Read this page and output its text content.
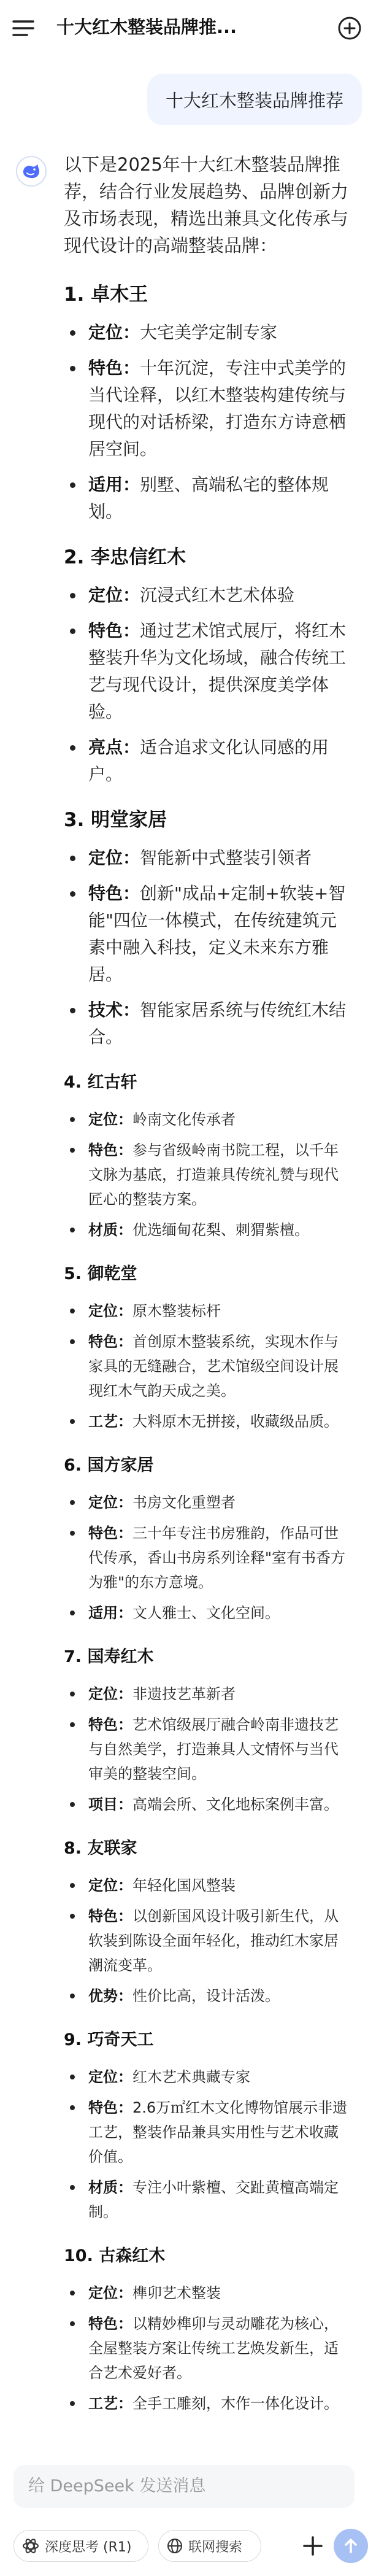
十大红木整装品牌推...
十大红木整装品牌推荐

以下是2025年十大红木整装品牌推荐，结合行业发展趋势、品牌创新力及市场表现，精选出兼具文化传承与现代设计的高端整装品牌：

1. 卓木王
定位：大宅美学定制专家
特色：十年沉淀，专注中式美学的当代诠释，以红木整装构建传统与现代的对话桥梁，打造东方诗意栖居空间。
适用：别墅、高端私宅的整体规划。
2. 李忠信红木
定位：沉浸式红木艺术体验
特色：通过艺术馆式展厅，将红木整装升华为文化场域，融合传统工艺与现代设计，提供深度美学体验。
亮点：适合追求文化认同感的用户。
3. 明堂家居
定位：智能新中式整装引领者
特色：创新"成品+定制+软装+智能"四位一体模式，在传统建筑元素中融入科技，定义未来东方雅居。
技术：智能家居系统与传统红木结合。
4. 红古轩
定位：岭南文化传承者
特色：参与省级岭南书院工程，以千年文脉为基底，打造兼具传统礼赞与现代匠心的整装方案。
材质：优选缅甸花梨、刺猬紫檀。
5. 御乾堂
定位：原木整装标杆
特色：首创原木整装系统，实现木作与家具的无缝融合，艺术馆级空间设计展现红木气韵天成之美。
工艺：大料原木无拼接，收藏级品质。
6. 国方家居
定位：书房文化重塑者
特色：三十年专注书房雅韵，作品可世代传承，香山书房系列诠释"室有书香方为雅"的东方意境。
适用：文人雅士、文化空间。
7. 国寿红木
定位：非遗技艺革新者
特色：艺术馆级展厅融合岭南非遗技艺与自然美学，打造兼具人文情怀与当代审美的整装空间。
项目：高端会所、文化地标案例丰富。
8. 友联家
定位：年轻化国风整装
特色：以创新国风设计吸引新生代，从软装到陈设全面年轻化，推动红木家居潮流变革。
优势：性价比高，设计活泼。
9. 巧奇天工
定位：红木艺术典藏专家
特色：2.6万㎡红木文化博物馆展示非遗工艺，整装作品兼具实用性与艺术收藏价值。
材质：专注小叶紫檀、交趾黄檀高端定制。
10. 古森红木
定位：榫卯艺术整装
特色：以精妙榫卯与灵动雕花为核心，全屋整装方案让传统工艺焕发新生，适合艺术爱好者。
工艺：全手工雕刻，木作一体化设计。
给 DeepSeek 发送消息
深度思考 (R1)	联网搜索
